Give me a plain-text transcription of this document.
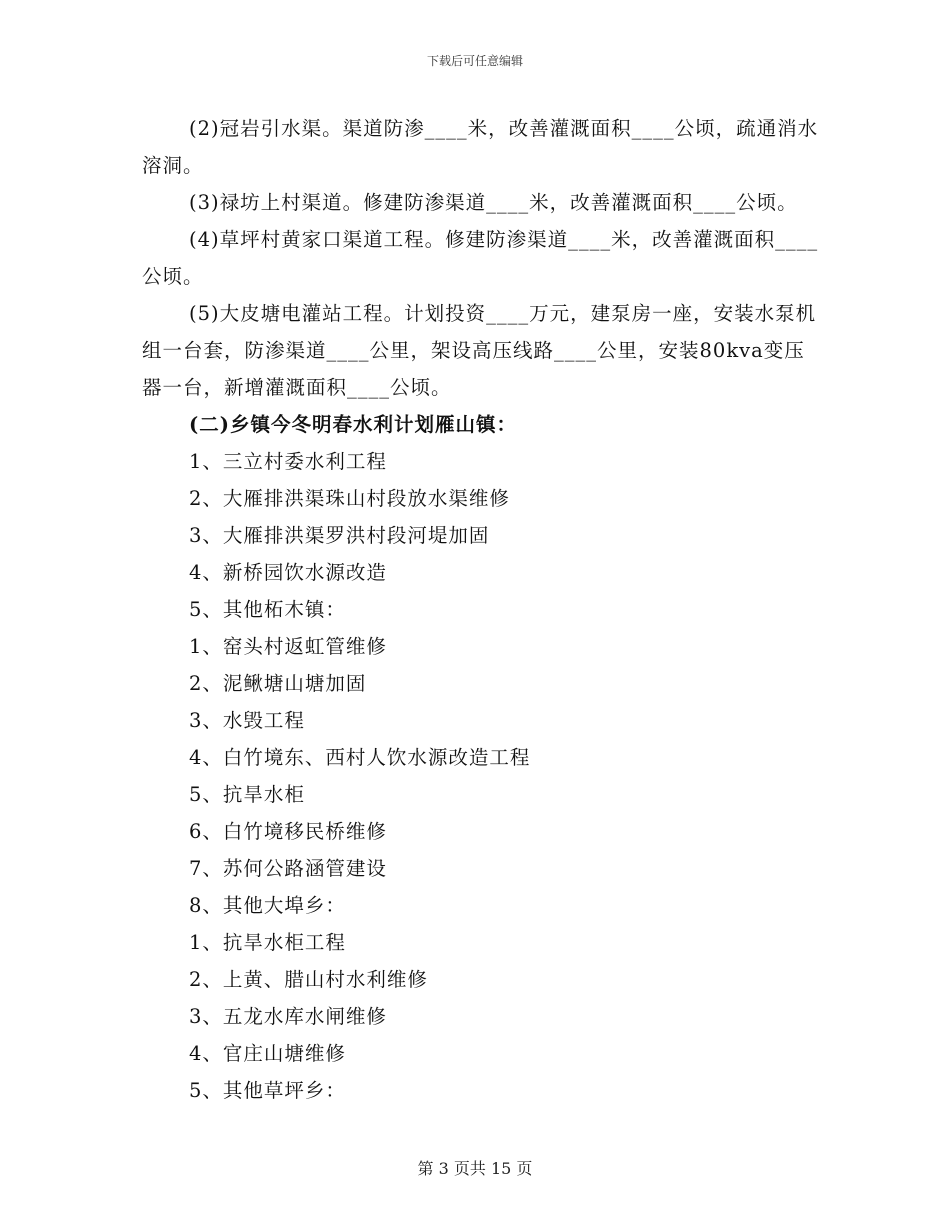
下载后可任意编辑

(2)冠岩引水渠。渠道防渗____米，改善灌溉面积____公顷，疏通消水溶洞。

(3)禄坊上村渠道。修建防渗渠道____米，改善灌溉面积____公顷。

(4)草坪村黄家口渠道工程。修建防渗渠道____米，改善灌溉面积____公顷。

(5)大皮塘电灌站工程。计划投资____万元，建泵房一座，安装水泵机组一台套，防渗渠道____公里，架设高压线路____公里，安装80kva变压器一台，新增灌溉面积____公顷。

(二)乡镇今冬明春水利计划雁山镇：

1、三立村委水利工程

2、大雁排洪渠珠山村段放水渠维修

3、大雁排洪渠罗洪村段河堤加固

4、新桥园饮水源改造

5、其他柘木镇：

1、窑头村返虹管维修

2、泥鳅塘山塘加固

3、水毁工程

4、白竹境东、西村人饮水源改造工程

5、抗旱水柜

6、白竹境移民桥维修

7、苏何公路涵管建设

8、其他大埠乡：

1、抗旱水柜工程

2、上黄、腊山村水利维修

3、五龙水库水闸维修

4、官庄山塘维修

5、其他草坪乡：

第 3 页共 15 页
